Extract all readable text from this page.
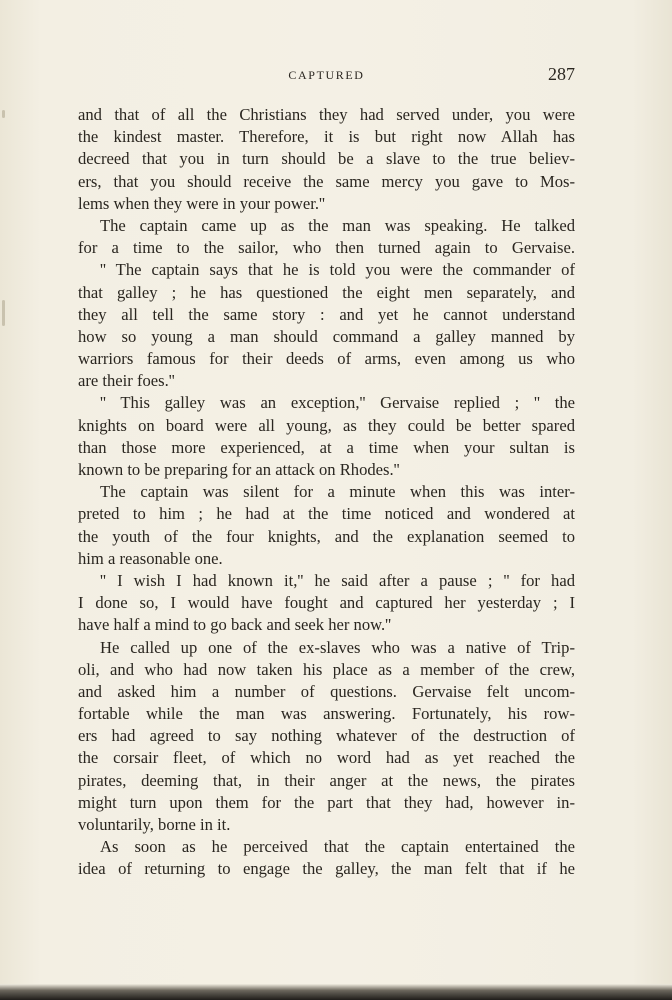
CAPTURED	287
and that of all the Christians they had served under, you were
the kindest master. Therefore, it is but right now Allah has
decreed that you in turn should be a slave to the true believ-
ers, that you should receive the same mercy you gave to Mos-
lems when they were in your power.''
The captain came up as the man was speaking. He talked
for a time to the sailor, who then turned again to Gervaise.
'' The captain says that he is told you were the commander of
that galley ; he has questioned the eight men separately, and
they all tell the same story : and yet he cannot understand
how so young a man should command a galley manned by
warriors famous for their deeds of arms, even among us who
are their foes.''
'' This galley was an exception,'' Gervaise replied ; '' the
knights on board were all young, as they could be better spared
than those more experienced, at a time when your sultan is
known to be preparing for an attack on Rhodes.''
The captain was silent for a minute when this was inter-
preted to him ; he had at the time noticed and wondered at
the youth of the four knights, and the explanation seemed to
him a reasonable one.
'' I wish I had known it,'' he said after a pause ; '' for had
I done so, I would have fought and captured her yesterday ; I
have half a mind to go back and seek her now.''
He called up one of the ex-slaves who was a native of Trip-
oli, and who had now taken his place as a member of the crew,
and asked him a number of questions. Gervaise felt uncom-
fortable while the man was answering. Fortunately, his row-
ers had agreed to say nothing whatever of the destruction of
the corsair fleet, of which no word had as yet reached the
pirates, deeming that, in their anger at the news, the pirates
might turn upon them for the part that they had, however in-
voluntarily, borne in it.
As soon as he perceived that the captain entertained the
idea of returning to engage the galley, the man felt that if he
